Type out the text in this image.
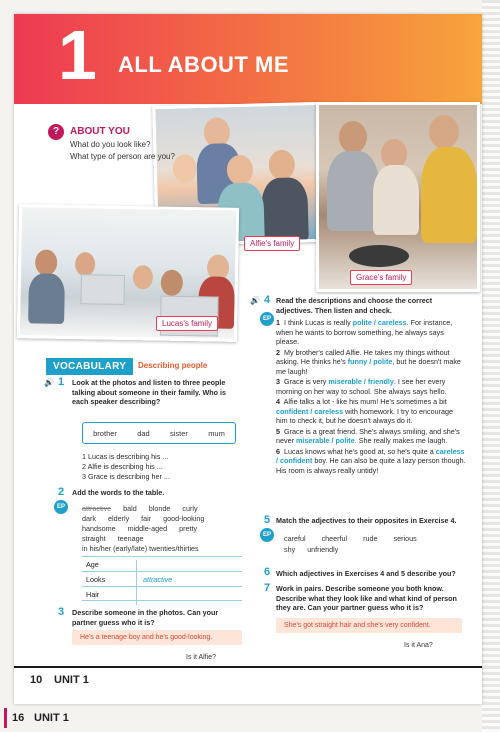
1 ALL ABOUT ME
Alfie's family
Grace's family
Lucas's family
?	ABOUT YOU
What do you look like?
What type of person are you?
VOCABULARY	Describing people
🔊 1 Look at the photos and listen to three people talking about someone in their family. Who is each speaker describing?
brother	dad	sister	mum
1 Lucas is describing his ...
2 Alfie is describing his ...
3 Grace is describing her ...
2 Add the words to the table.
EP	attractive bald blonde curly
dark elderly fair good-looking
handsome middle-aged pretty
straight teenage
in his/her (early/late) twenties/thirties
Age
Looks	attractive
Hair
3 Describe someone in the photos. Can your partner guess who it is?
He's a teenage boy and he's good-looking.
Is it Alfie?
🔊 4 Read the descriptions and choose the correct adjectives. Then listen and check.
EP 1 I think Lucas is really polite / careless. For instance, when he wants to borrow something, he always says please.
2 My brother's called Alfie. He takes my things without asking. He thinks he's funny / polite, but he doesn't make me laugh!
3 Grace is very miserable / friendly. I see her every morning on her way to school. She always says hello.
4 Alfie talks a lot - like his mum! He's sometimes a bit confident / careless with homework. I try to encourage him to check it, but he doesn't always do it.
5 Grace is a great friend. She's always smiling, and she's never miserable / polite. She really makes me laugh.
6 Lucas knows what he's good at, so he's quite a careless / confident boy. He can also be quite a lazy person though. His room is always really untidy!
5 Match the adjectives to their opposites in Exercise 4.
EP	careful cheerful rude serious
shy unfriendly
6 Which adjectives in Exercises 4 and 5 describe you?
7 Work in pairs. Describe someone you both know. Describe what they look like and what kind of person they are. Can your partner guess who it is?
She's got straight hair and she's very confident.
Is it Ana?
10 UNIT 1
16 UNIT 1
